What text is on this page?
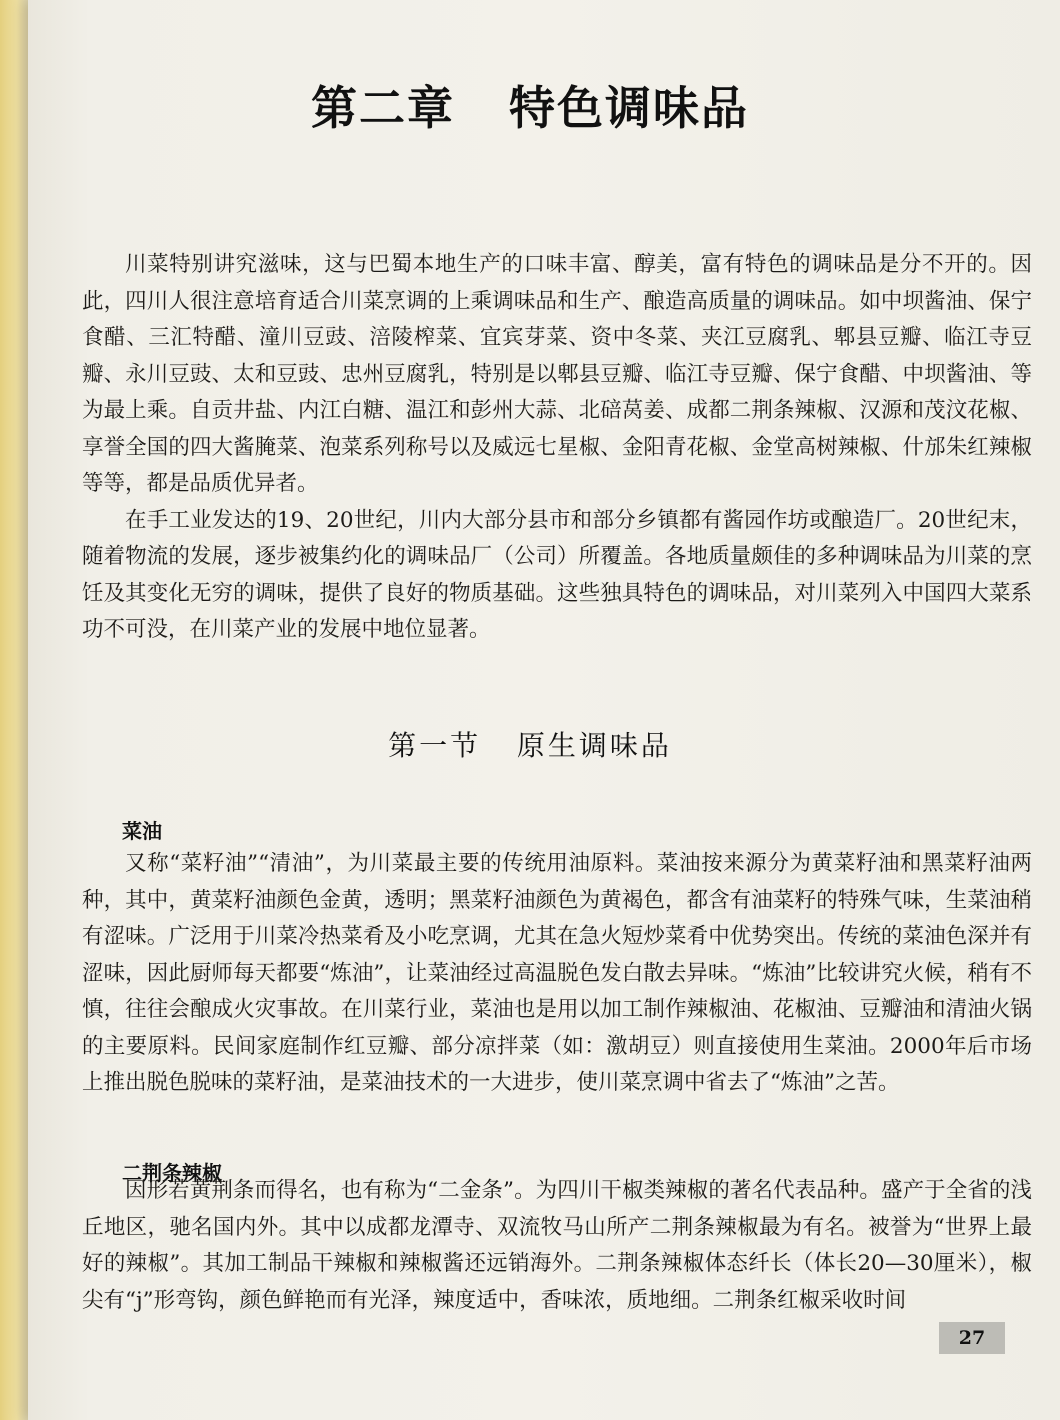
第二章   特色调味品

川菜特别讲究滋味，这与巴蜀本地生产的口味丰富、醇美，富有特色的调味品是分不开的。因此，四川人很注意培育适合川菜烹调的上乘调味品和生产、酿造高质量的调味品。如中坝酱油、保宁食醋、三汇特醋、潼川豆豉、涪陵榨菜、宜宾芽菜、资中冬菜、夹江豆腐乳、郫县豆瓣、临江寺豆瓣、永川豆豉、太和豆豉、忠州豆腐乳，特别是以郫县豆瓣、临江寺豆瓣、保宁食醋、中坝酱油、等为最上乘。自贡井盐、内江白糖、温江和彭州大蒜、北碚莴姜、成都二荆条辣椒、汉源和茂汶花椒、享誉全国的四大酱腌菜、泡菜系列称号以及威远七星椒、金阳青花椒、金堂高树辣椒、什邡朱红辣椒等等，都是品质优异者。

在手工业发达的19、20世纪，川内大部分县市和部分乡镇都有酱园作坊或酿造厂。20世纪末，随着物流的发展，逐步被集约化的调味品厂（公司）所覆盖。各地质量颇佳的多种调味品为川菜的烹饪及其变化无穷的调味，提供了良好的物质基础。这些独具特色的调味品，对川菜列入中国四大菜系功不可没，在川菜产业的发展中地位显著。

第一节   原生调味品
菜油

又称“菜籽油”“清油”，为川菜最主要的传统用油原料。菜油按来源分为黄菜籽油和黑菜籽油两种，其中，黄菜籽油颜色金黄，透明；黑菜籽油颜色为黄褐色，都含有油菜籽的特殊气味，生菜油稍有涩味。广泛用于川菜冷热菜肴及小吃烹调，尤其在急火短炒菜肴中优势突出。传统的菜油色深并有涩味，因此厨师每天都要“炼油”，让菜油经过高温脱色发白散去异味。“炼油”比较讲究火候，稍有不慎，往往会酿成火灾事故。在川菜行业，菜油也是用以加工制作辣椒油、花椒油、豆瓣油和清油火锅的主要原料。民间家庭制作红豆瓣、部分凉拌菜（如：激胡豆）则直接使用生菜油。2000年后市场上推出脱色脱味的菜籽油，是菜油技术的一大进步，使川菜烹调中省去了“炼油”之苦。

二荆条辣椒

因形若黄荆条而得名，也有称为“二金条”。为四川干椒类辣椒的著名代表品种。盛产于全省的浅丘地区，驰名国内外。其中以成都龙潭寺、双流牧马山所产二荆条辣椒最为有名。被誉为“世界上最好的辣椒”。其加工制品干辣椒和辣椒酱还远销海外。二荆条辣椒体态纤长（体长20—30厘米），椒尖有“j”形弯钩，颜色鲜艳而有光泽，辣度适中，香味浓，质地细。二荆条红椒采收时间

27
